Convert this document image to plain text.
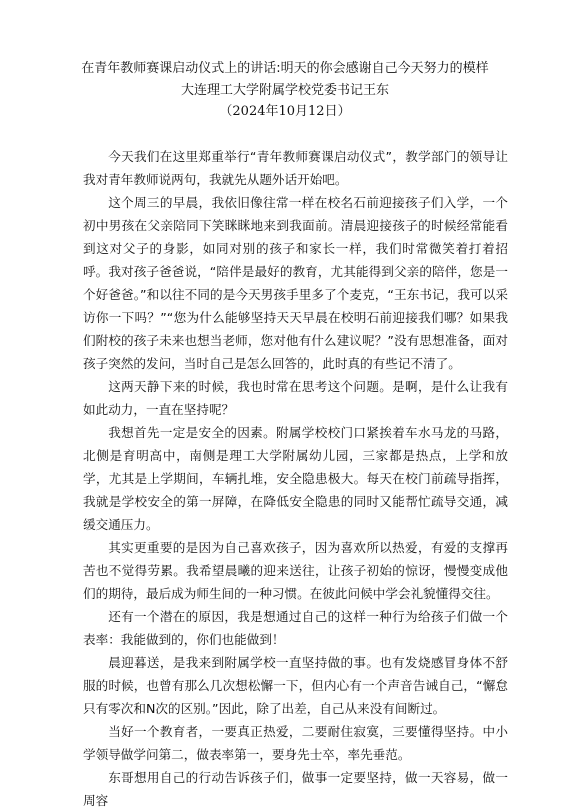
在青年教师赛课启动仪式上的讲话:明天的你会感谢自己今天努力的模样
大连理工大学附属学校党委书记王东
（2024年10月12日）

今天我们在这里郑重举行“青年教师赛课启动仪式”，教学部门的领导让我对青年教师说两句，我就先从题外话开始吧。

这个周三的早晨，我依旧像往常一样在校名石前迎接孩子们入学，一个初中男孩在父亲陪同下笑眯眯地来到我面前。清晨迎接孩子的时候经常能看到这对父子的身影，如同对别的孩子和家长一样，我们时常微笑着打着招呼。我对孩子爸爸说，“陪伴是最好的教育，尤其能得到父亲的陪伴，您是一个好爸爸。”和以往不同的是今天男孩手里多了个麦克，“王东书记，我可以采访你一下吗？”“您为什么能够坚持天天早晨在校明石前迎接我们哪？如果我们附校的孩子未来也想当老师，您对他有什么建议呢？”没有思想准备，面对孩子突然的发问，当时自己是怎么回答的，此时真的有些记不清了。

这两天静下来的时候，我也时常在思考这个问题。是啊，是什么让我有如此动力，一直在坚持呢？

我想首先一定是安全的因素。附属学校校门口紧挨着车水马龙的马路，北侧是育明高中，南侧是理工大学附属幼儿园，三家都是热点，上学和放学，尤其是上学期间，车辆扎堆，安全隐患极大。每天在校门前疏导指挥，我就是学校安全的第一屏障，在降低安全隐患的同时又能帮忙疏导交通，减缓交通压力。

其实更重要的是因为自己喜欢孩子，因为喜欢所以热爱，有爱的支撑再苦也不觉得劳累。我希望晨曦的迎来送往，让孩子初始的惊讶，慢慢变成他们的期待，最后成为师生间的一种习惯。在彼此问候中学会礼貌懂得交往。

还有一个潜在的原因，我是想通过自己的这样一种行为给孩子们做一个表率：我能做到的，你们也能做到！

晨迎暮送，是我来到附属学校一直坚持做的事。也有发烧感冒身体不舒服的时候，也曾有那么几次想松懈一下，但内心有一个声音告诫自己，“懈怠只有零次和N次的区别。”因此，除了出差，自己从来没有间断过。

当好一个教育者，一要真正热爱，二要耐住寂寞，三要懂得坚持。中小学领导做学问第二，做表率第一，要身先士卒，率先垂范。

东哥想用自己的行动告诉孩子们，做事一定要坚持，做一天容易，做一周容
